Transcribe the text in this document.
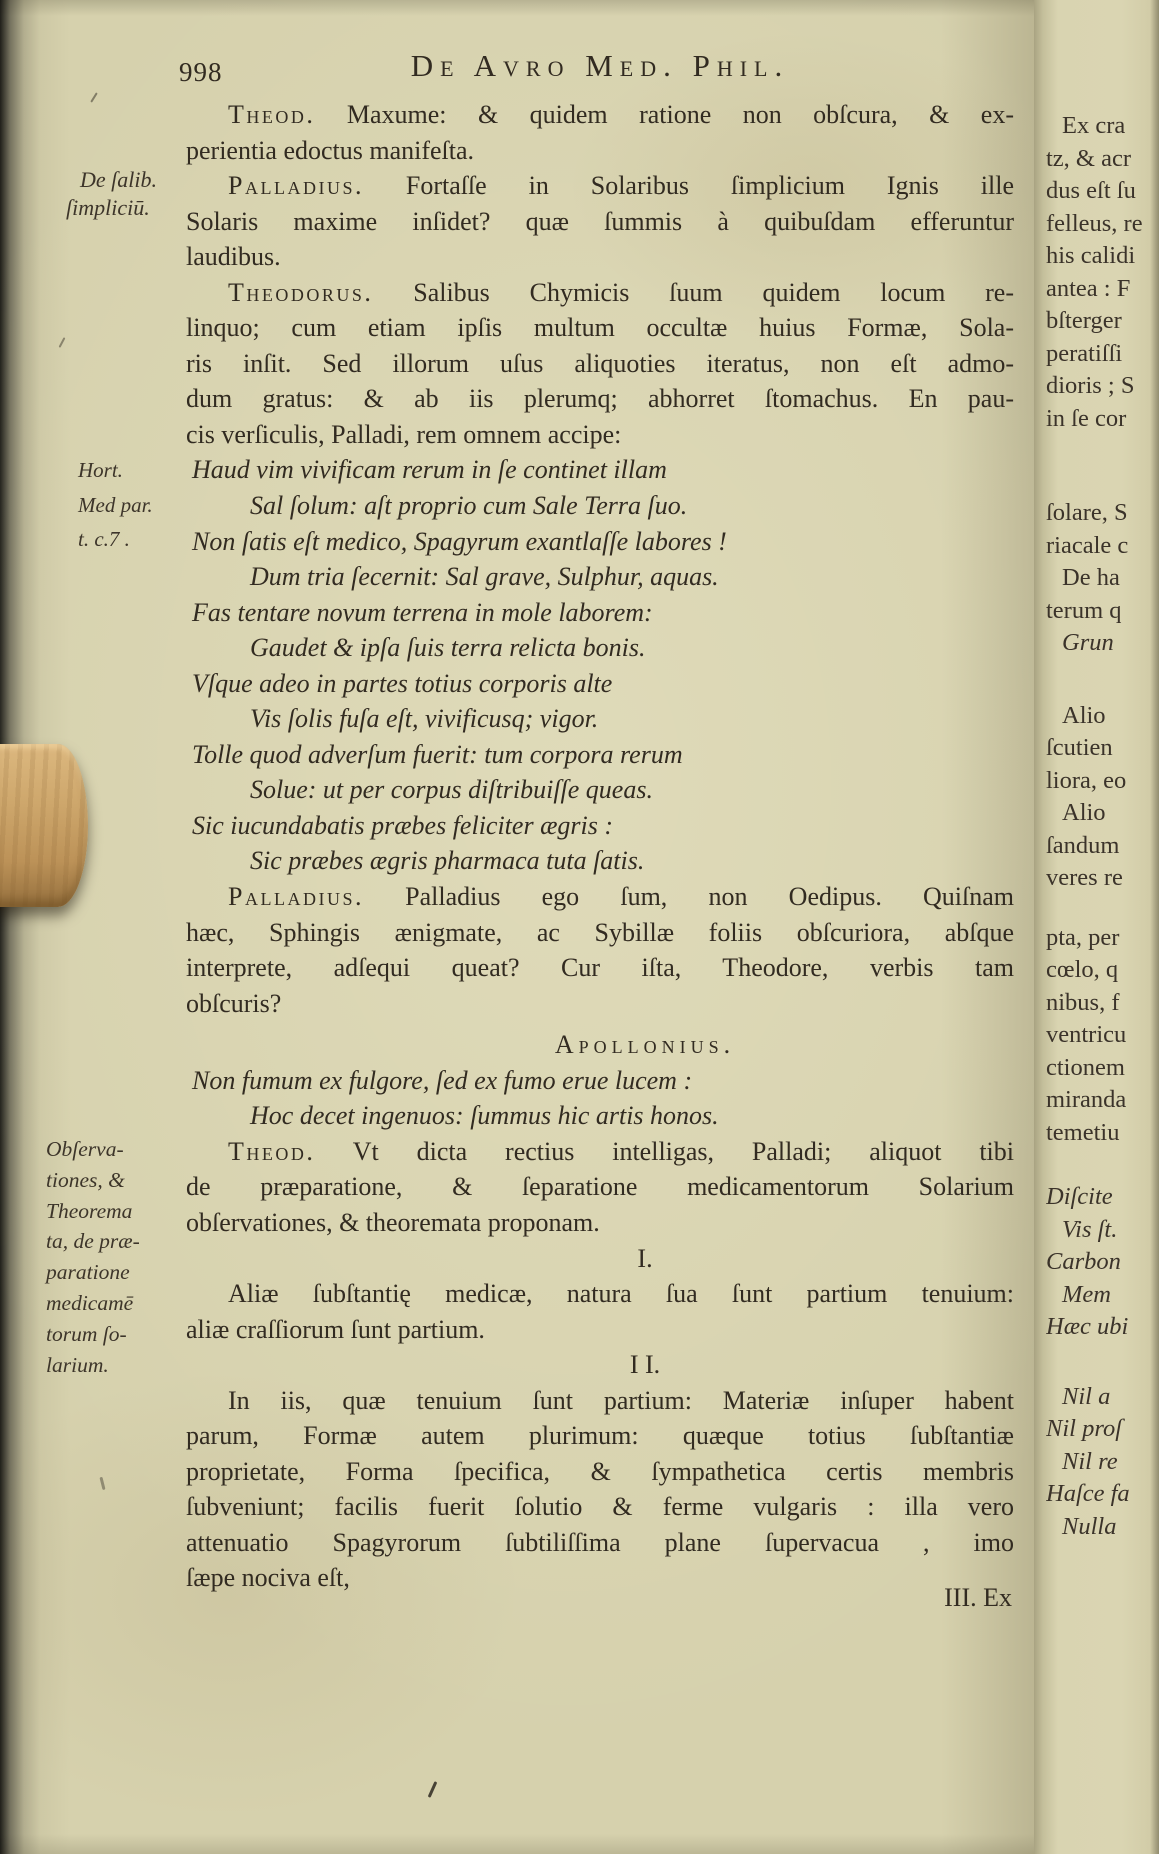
998	De Avro Med. Phil.
Theod. Maxume: & quidem ratione non obſcura, & ex-
perientia edoctus manifeſta.
Palladius. Fortaſſe in Solaribus ſimplicium Ignis ille
Solaris maxime inſidet? quæ ſummis à quibuſdam efferuntur
laudibus.
Theodorus. Salibus Chymicis ſuum quidem locum re-
linquo; cum etiam ipſis multum occultæ huius Formæ, Sola-
ris inſit. Sed illorum uſus aliquoties iteratus, non eſt admo-
dum gratus: & ab iis plerumq; abhorret ſtomachus. En pau-
cis verſiculis, Palladi, rem omnem accipe:
Haud vim vivificam rerum in ſe continet illam
Sal ſolum: aſt proprio cum Sale Terra ſuo.
Non ſatis eſt medico, Spagyrum exantlaſſe labores !
Dum tria ſecernit: Sal grave, Sulphur, aquas.
Fas tentare novum terrena in mole laborem:
Gaudet & ipſa ſuis terra relicta bonis.
Vſque adeo in partes totius corporis alte
Vis ſolis fuſa eſt, vivificusq; vigor.
Tolle quod adverſum fuerit: tum corpora rerum
Solue: ut per corpus diſtribuiſſe queas.
Sic iucundabatis præbes feliciter ægris :
Sic præbes ægris pharmaca tuta ſatis.
Palladius. Palladius ego ſum, non Oedipus. Quiſnam
hæc, Sphingis ænigmate, ac Sybillæ foliis obſcuriora, abſque
interprete, adſequi queat? Cur iſta, Theodore, verbis tam
obſcuris?
Apollonius.
Non fumum ex fulgore, ſed ex fumo erue lucem :
Hoc decet ingenuos: ſummus hic artis honos.
Theod. Vt dicta rectius intelligas, Palladi; aliquot tibi
de præparatione, & ſeparatione medicamentorum Solarium
obſervationes, & theoremata proponam.
I.
Aliæ ſubſtantię medicæ, natura ſua ſunt partium tenuium:
aliæ craſſiorum ſunt partium.
I I.
In iis, quæ tenuium ſunt partium: Materiæ inſuper habent
parum, Formæ autem plurimum: quæque totius ſubſtantiæ
proprietate, Forma ſpecifica, & ſympathetica certis membris
ſubveniunt; facilis fuerit ſolutio & ferme vulgaris : illa vero
attenuatio Spagyrorum ſubtiliſſima plane ſupervacua , imo
ſæpe nociva eſt,
III. Ex
De ſalib.
ſimpliciū.
Hort.
Med par.
t. c.7 .
Obſerva-
tiones, &
Theorema
ta, de præ-
paratione
medicamē
torum ſo-
larium.
Ex cra
tz, & acr
dus eſt ſu
felleus, re
his calidi
antea : F
bſterger
peratiſſi
dioris ; S
in ſe cor
ſolare, S
riacale c
De ha
terum q
Grun
Alio
ſcutien
liora, eo
Alio
ſandum
veres re
pta, per
cœlo, q
nibus, f
ventricu
ctionem
miranda
temetiu
Diſcite
Vis ſt.
Carbon
Mem
Hæc ubi
Nil a
Nil proſ
Nil re
Haſce fa
Nulla
